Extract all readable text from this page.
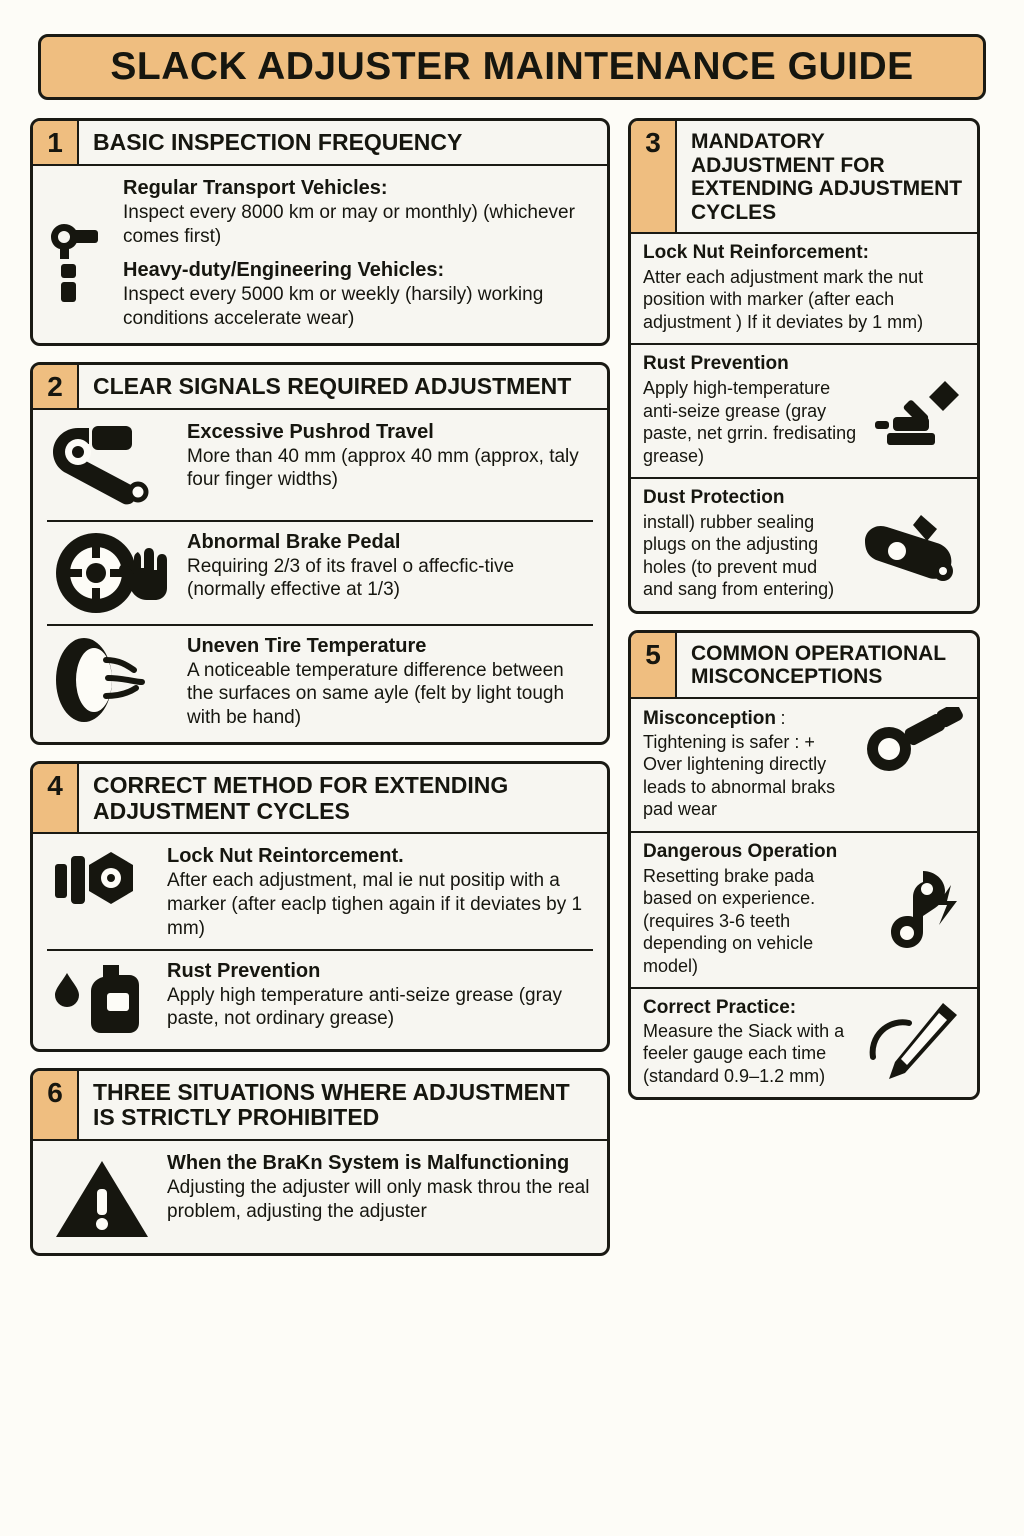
SLACK ADJUSTER MAINTENANCE GUIDE
1	BASIC INSPECTION FREQUENCY
Regular Transport Vehicles:
Inspect every 8000 km or may or monthly) (whichever comes first)
Heavy-duty/Engineering Vehicles:
Inspect every 5000 km or weekly (harsily) working conditions accelerate wear)
2	CLEAR SIGNALS REQUIRED ADJUSTMENT
Excessive Pushrod Travel
More than 40 mm (approx 40 mm (approx, taly four finger widths)
Abnormal Brake Pedal
Requiring 2/3 of its fravel o affecfic-tive (normally effective at 1/3)
Uneven Tire Temperature
A noticeable temperature difference between the surfaces on same ayle (felt by light tough with be hand)
4	CORRECT METHOD FOR EXTENDING ADJUSTMENT CYCLES
Lock Nut Reintorcement.
After each adjustment, mal ie nut positip with a marker (after eaclp tighen again if it deviates by 1 mm)
Rust Prevention
Apply high temperature anti-seize grease (gray paste, not ordinary grease)
6	THREE SITUATIONS WHERE ADJUSTMENT IS STRICTLY PROHIBITED
When the BraKn System is Malfunctioning
Adjusting the adjuster will only mask throu the real problem, adjusting the adjuster
3	MANDATORY ADJUSTMENT FOR EXTENDING ADJUSTMENT CYCLES
Lock Nut Reinforcement:
Atter each adjustment mark the nut position with marker (after each adjustment ) If it deviates by 1 mm)
Rust Prevention
Apply high-temperature anti-seize grease (gray paste, net grrin. fredisating grease)
Dust Protection
install) rubber sealing plugs on the adjusting holes (to prevent mud and sang from entering)
5	COMMON OPERATIONAL MISCONCEPTIONS
Misconception : Tightening is safer : + Over lightening directly leads to abnormal braks pad wear
Dangerous Operation
Resetting brake pada based on experience. (requires 3-6 teeth depending on vehicle model)
Correct Practice: Measure the Siack with a feeler gauge each time (standard 0.9–1.2 mm)
